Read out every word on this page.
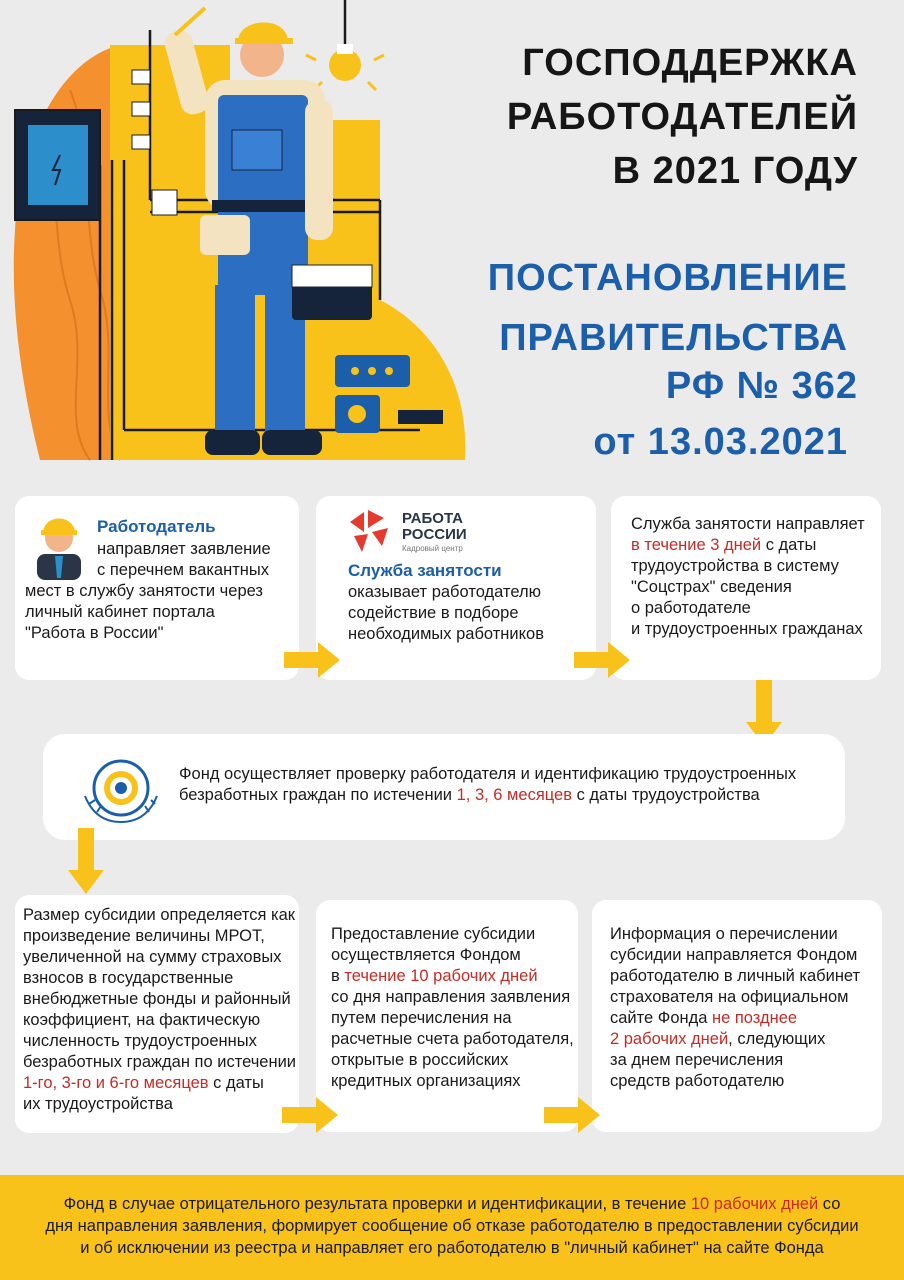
ГОСПОДДЕРЖКА
РАБОТОДАТЕЛЕЙ
В 2021 ГОДУ
ПОСТАНОВЛЕНИЕ
ПРАВИТЕЛЬСТВА
РФ № 362
от 13.03.2021
Работодатель
направляет заявление
с перечнем вакантных
мест в службу занятости через
личный кабинет портала
"Работа в России"
РАБОТА
РОССИИ
Кадровый центр
Служба занятости
оказывает работодателю
содействие в подборе
необходимых работников
Служба занятости направляет
в течение 3 дней с даты
трудоустройства в систему
"Соцстрах" сведения
о работодателе
и трудоустроенных гражданах
Фонд осуществляет проверку работодателя и идентификацию трудоустроенных
безработных граждан по истечении 1, 3, 6 месяцев с даты трудоустройства
Размер субсидии определяется как
произведение величины МРОТ,
увеличенной на сумму страховых
взносов в государственные
внебюджетные фонды и районный
коэффициент, на фактическую
численность трудоустроенных
безработных граждан по истечении
1-го, 3-го и 6-го месяцев с даты
их трудоустройства
Предоставление субсидии
осуществляется Фондом
в течение 10 рабочих дней
со дня направления заявления
путем перечисления на
расчетные счета работодателя,
открытые в российских
кредитных организациях
Информация о перечислении
субсидии направляется Фондом
работодателю в личный кабинет
страхователя на официальном
сайте Фонда не позднее
2 рабочих дней, следующих
за днем перечисления
средств работодателю
Фонд в случае отрицательного результата проверки и идентификации, в течение 10 рабочих дней со
дня направления заявления, формирует сообщение об отказе работодателю в предоставлении субсидии
и об исключении из реестра и направляет его работодателю в "личный кабинет" на сайте Фонда
